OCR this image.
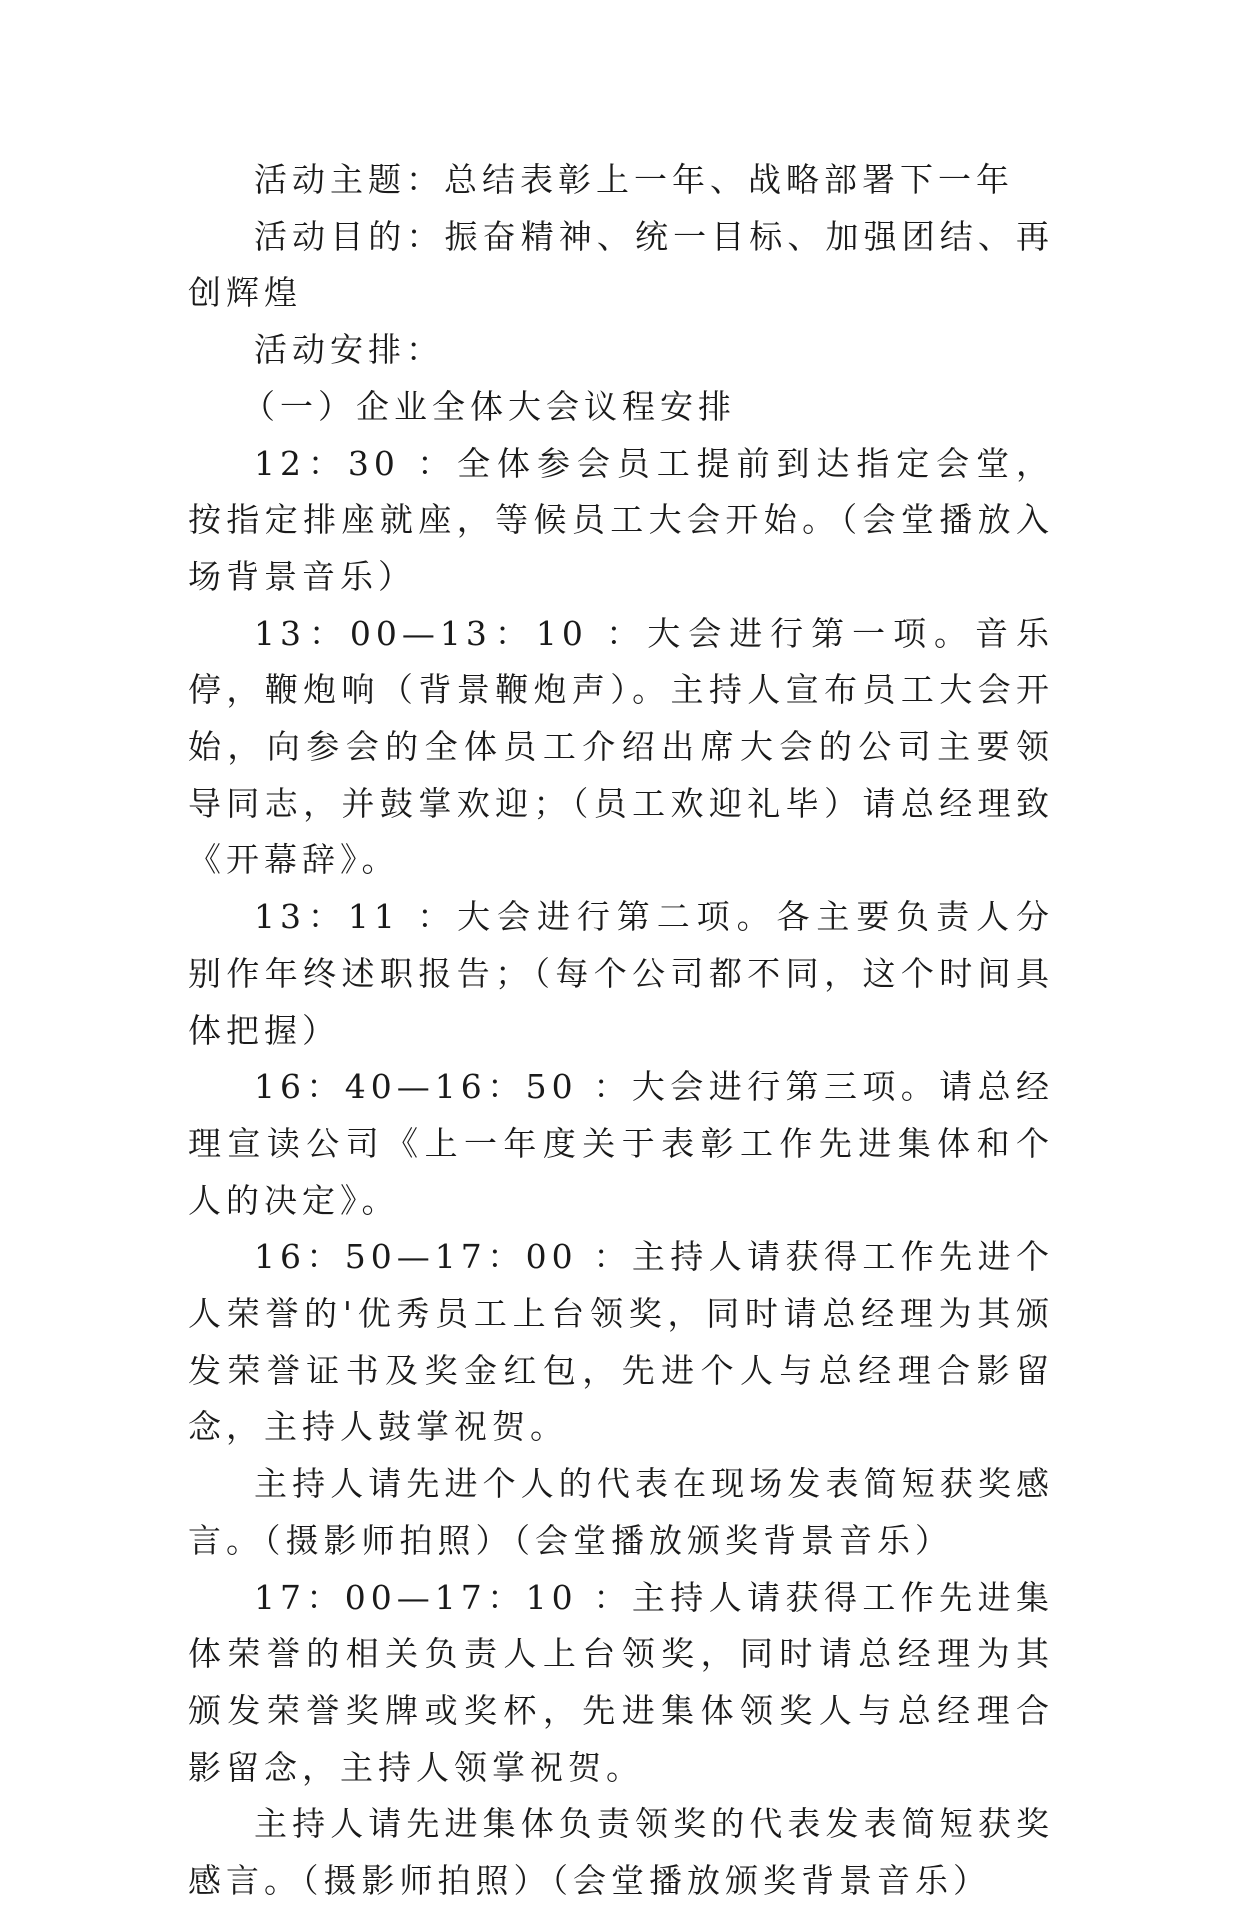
活动主题：总结表彰上一年、战略部署下一年

活动目的：振奋精神、统一目标、加强团结、再创辉煌

活动安排：

（一）企业全体大会议程安排

12：30 ：全体参会员工提前到达指定会堂，按指定排座就座，等候员工大会开始。（会堂播放入场背景音乐）

13：00—13：10 ：大会进行第一项。音乐停，鞭炮响（背景鞭炮声）。主持人宣布员工大会开始，向参会的全体员工介绍出席大会的公司主要领导同志，并鼓掌欢迎；（员工欢迎礼毕）请总经理致《开幕辞》。

13：11 ：大会进行第二项。各主要负责人分别作年终述职报告；（每个公司都不同，这个时间具体把握）

16：40—16：50 ：大会进行第三项。请总经理宣读公司《上一年度关于表彰工作先进集体和个人的决定》。

16：50—17：00 ：主持人请获得工作先进个人荣誉的'优秀员工上台领奖，同时请总经理为其颁发荣誉证书及奖金红包，先进个人与总经理合影留念，主持人鼓掌祝贺。

主持人请先进个人的代表在现场发表简短获奖感言。（摄影师拍照）（会堂播放颁奖背景音乐）

17：00—17：10 ：主持人请获得工作先进集体荣誉的相关负责人上台领奖，同时请总经理为其颁发荣誉奖牌或奖杯，先进集体领奖人与总经理合影留念，主持人领掌祝贺。

主持人请先进集体负责领奖的代表发表简短获奖感言。（摄影师拍照）（会堂播放颁奖背景音乐）
